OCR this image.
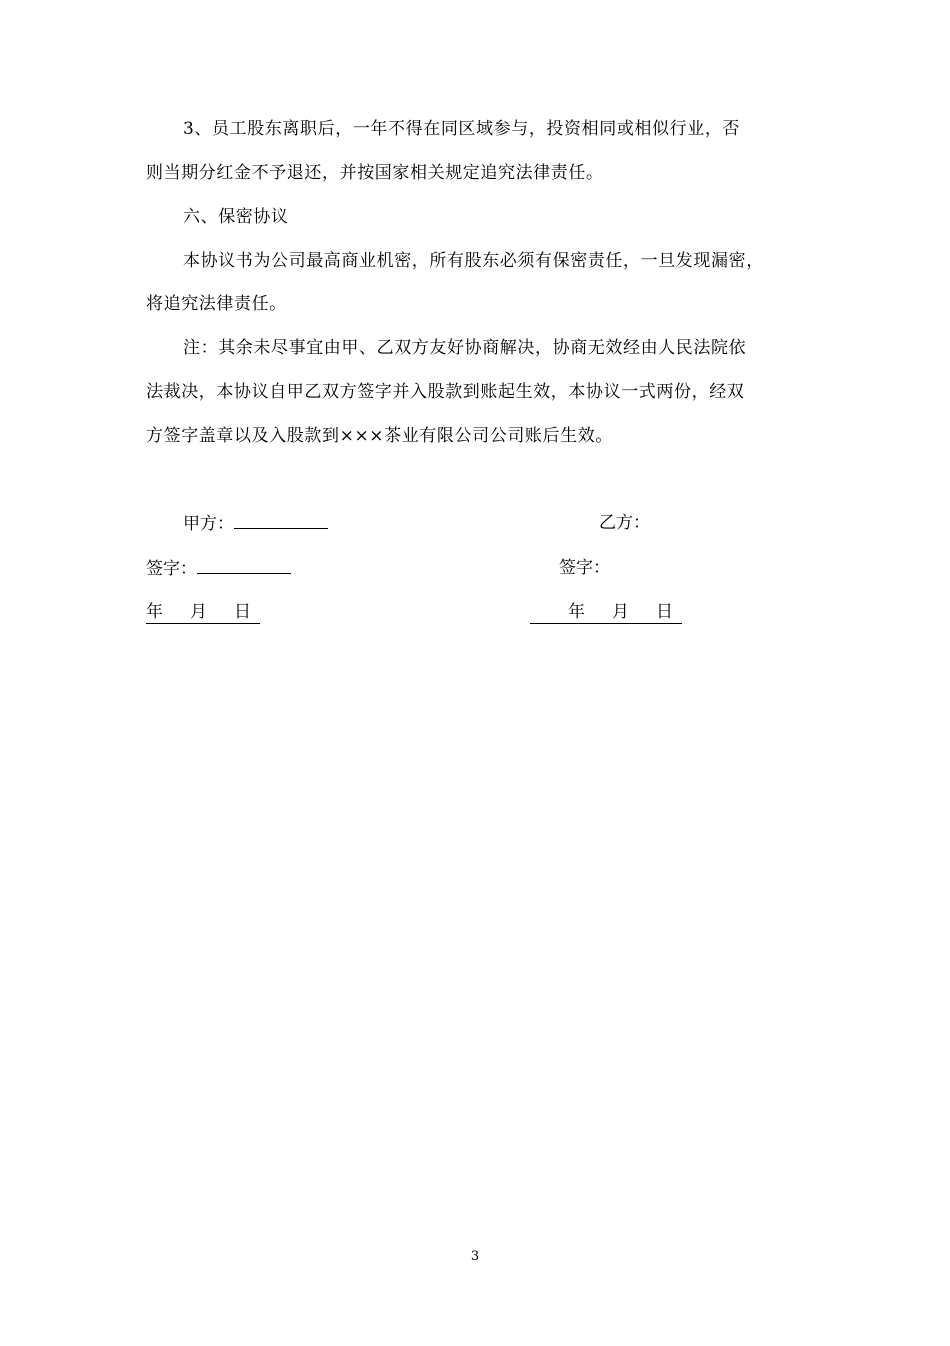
3、员工股东离职后，一年不得在同区域参与，投资相同或相似行业，否
则当期分红金不予退还，并按国家相关规定追究法律责任。
六、保密协议
本协议书为公司最高商业机密，所有股东必须有保密责任，一旦发现漏密，
将追究法律责任。
注：其余未尽事宜由甲、乙双方友好协商解决，协商无效经由人民法院依
法裁决，本协议自甲乙双方签字并入股款到账起生效，本协议一式两份，经双
方签字盖章以及入股款到×××茶业有限公司公司账后生效。
甲方：	乙方：
签字：	签字：
年 月 日	年 月 日
3
